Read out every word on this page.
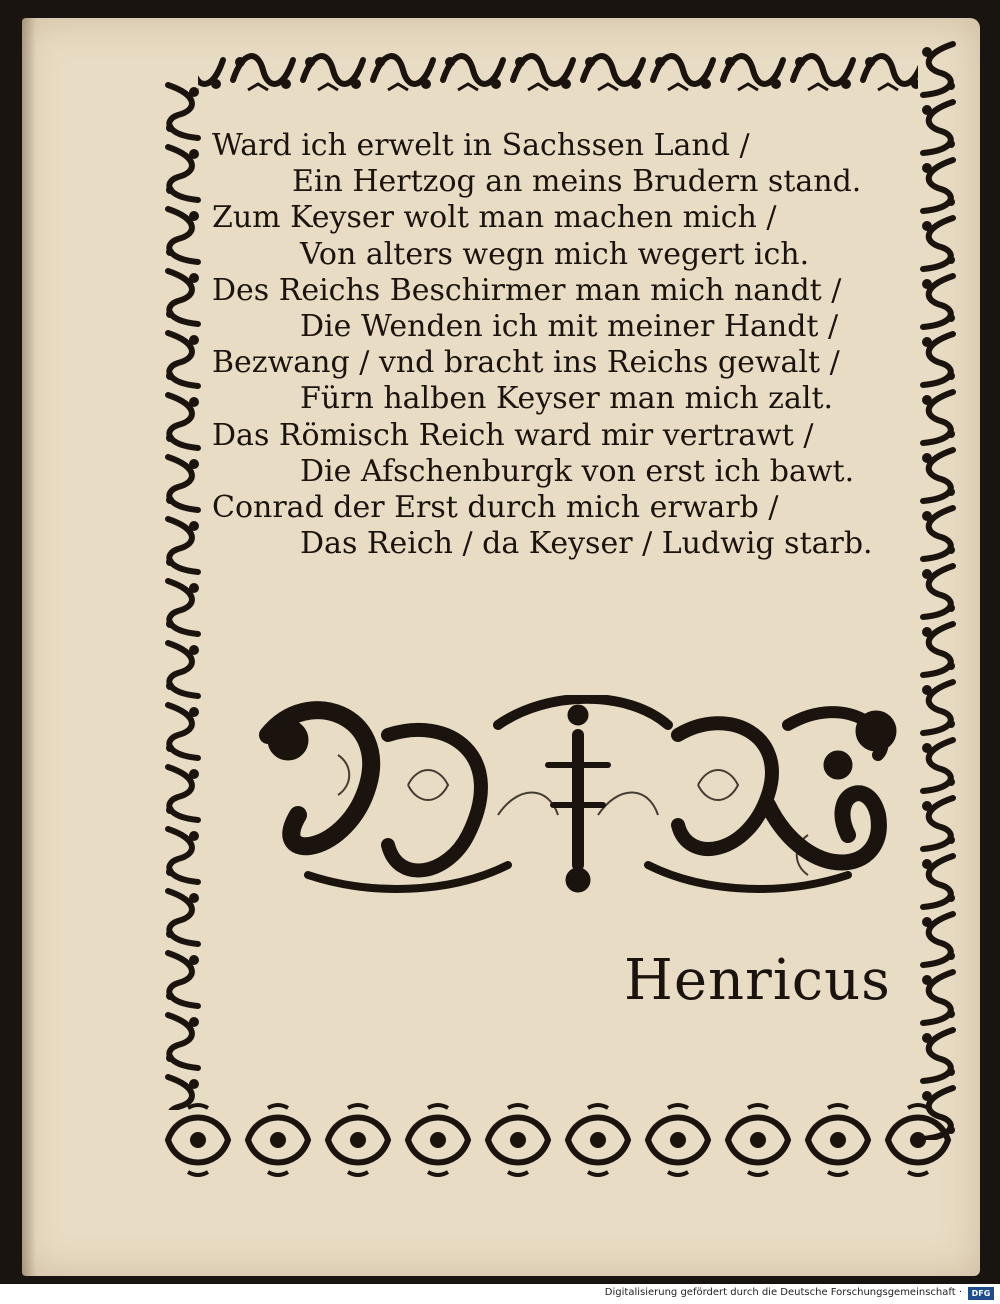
Ward ich erwelt in Sachssen Land /
Ein Hertzog an meins Brudern stand.
Zum Keyser wolt man machen mich /
Von alters wegn mich wegert ich.
Des Reichs Beschirmer man mich nandt /
Die Wenden ich mit meiner Handt /
Bezwang / vnd bracht ins Reichs gewalt /
Fürn halben Keyser man mich zalt.
Das Römisch Reich ward mir vertrawt /
Die Afschenburgk von erst ich bawt.
Conrad der Erst durch mich erwarb /
Das Reich / da Keyser / Ludwig starb.
Henricus
Digitalisierung gefördert durch die Deutsche Forschungsgemeinschaft ·	DFG
